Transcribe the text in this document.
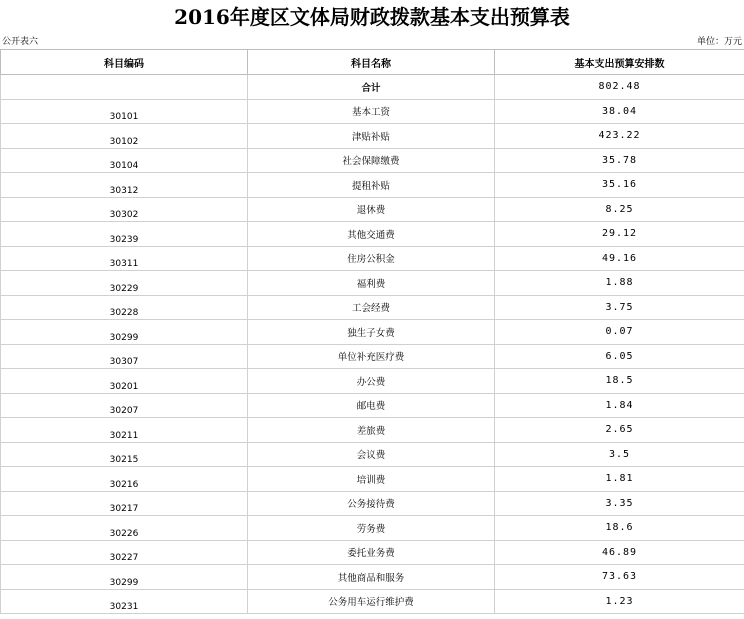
2016年度区文体局财政拨款基本支出预算表
公开表六	单位：万元
科目编码	科目名称	基本支出预算安排数
	合计	802.48
30101	基本工资	38.04
30102	津贴补贴	423.22
30104	社会保障缴费	35.78
30312	提租补贴	35.16
30302	退休费	8.25
30239	其他交通费	29.12
30311	住房公积金	49.16
30229	福利费	1.88
30228	工会经费	3.75
30299	独生子女费	0.07
30307	单位补充医疗费	6.05
30201	办公费	18.5
30207	邮电费	1.84
30211	差旅费	2.65
30215	会议费	3.5
30216	培训费	1.81
30217	公务接待费	3.35
30226	劳务费	18.6
30227	委托业务费	46.89
30299	其他商品和服务	73.63
30231	公务用车运行维护费	1.23
